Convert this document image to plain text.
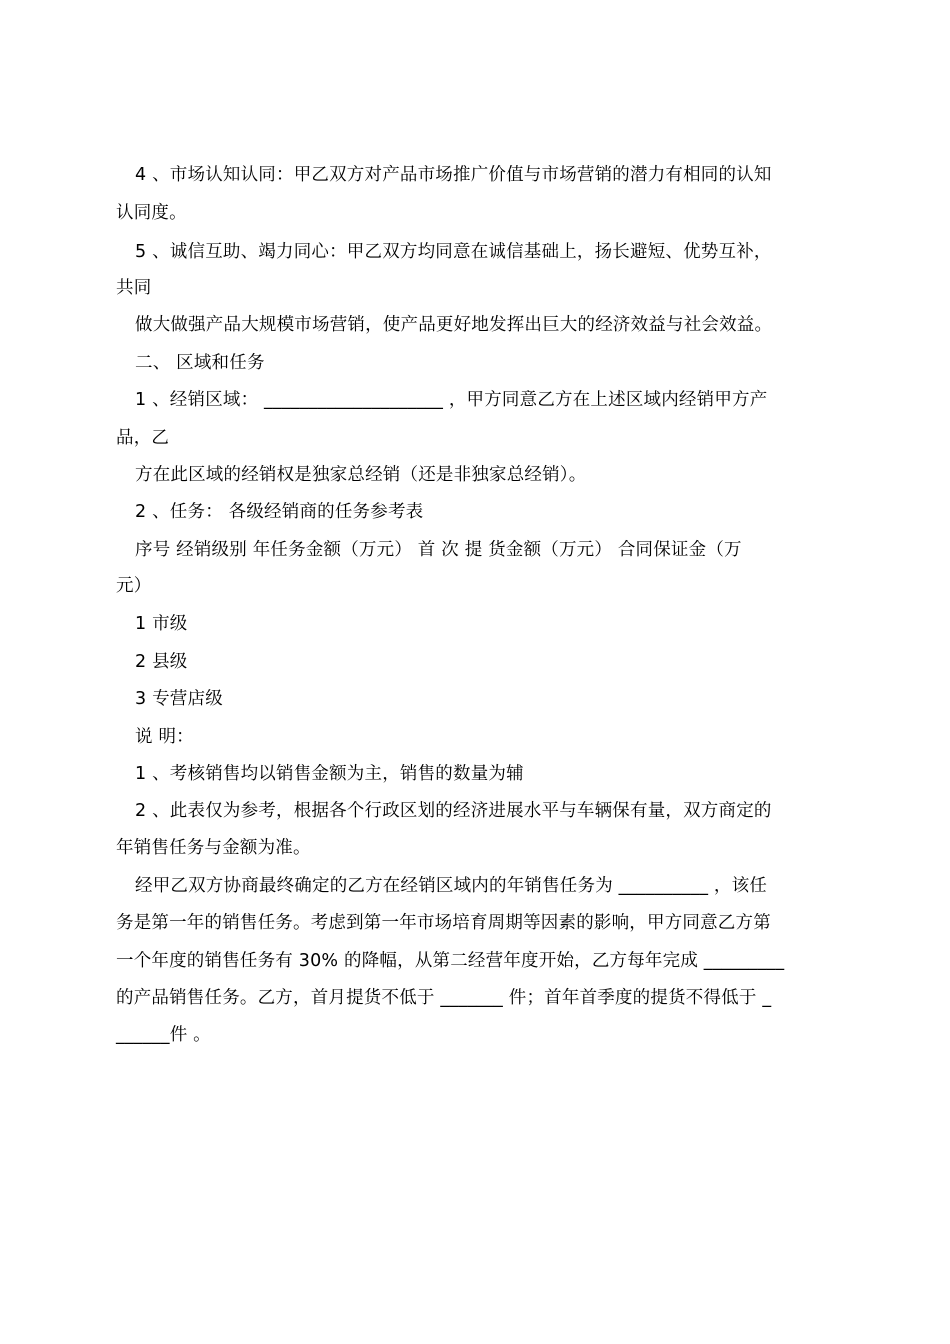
4 、市场认知认同：甲乙双方对产品市场推广价值与市场营销的潜力有相同的认知
认同度。
5 、诚信互助、竭力同心：甲乙双方均同意在诚信基础上，扬长避短、优势互补，
共同
做大做强产品大规模市场营销，使产品更好地发挥出巨大的经济效益与社会效益。
二、 区域和任务
1 、经销区域： ____________________ ，甲方同意乙方在上述区域内经销甲方产
品，乙
方在此区域的经销权是独家总经销（还是非独家总经销）。
2 、任务： 各级经销商的任务参考表
序号 经销级别 年任务金额（万元） 首 次 提 货金额（万元） 合同保证金（万
元）
1 市级
2 县级
3 专营店级
说 明：
1 、考核销售均以销售金额为主，销售的数量为辅
2 、此表仅为参考，根据各个行政区划的经济进展水平与车辆保有量，双方商定的
年销售任务与金额为准。
经甲乙双方协商最终确定的乙方在经销区域内的年销售任务为 __________ ，该任
务是第一年的销售任务。考虑到第一年市场培育周期等因素的影响，甲方同意乙方第
一个年度的销售任务有 30% 的降幅，从第二经营年度开始，乙方每年完成 _________
的产品销售任务。乙方，首月提货不低于 _______ 件；首年首季度的提货不得低于 _
______件 。
